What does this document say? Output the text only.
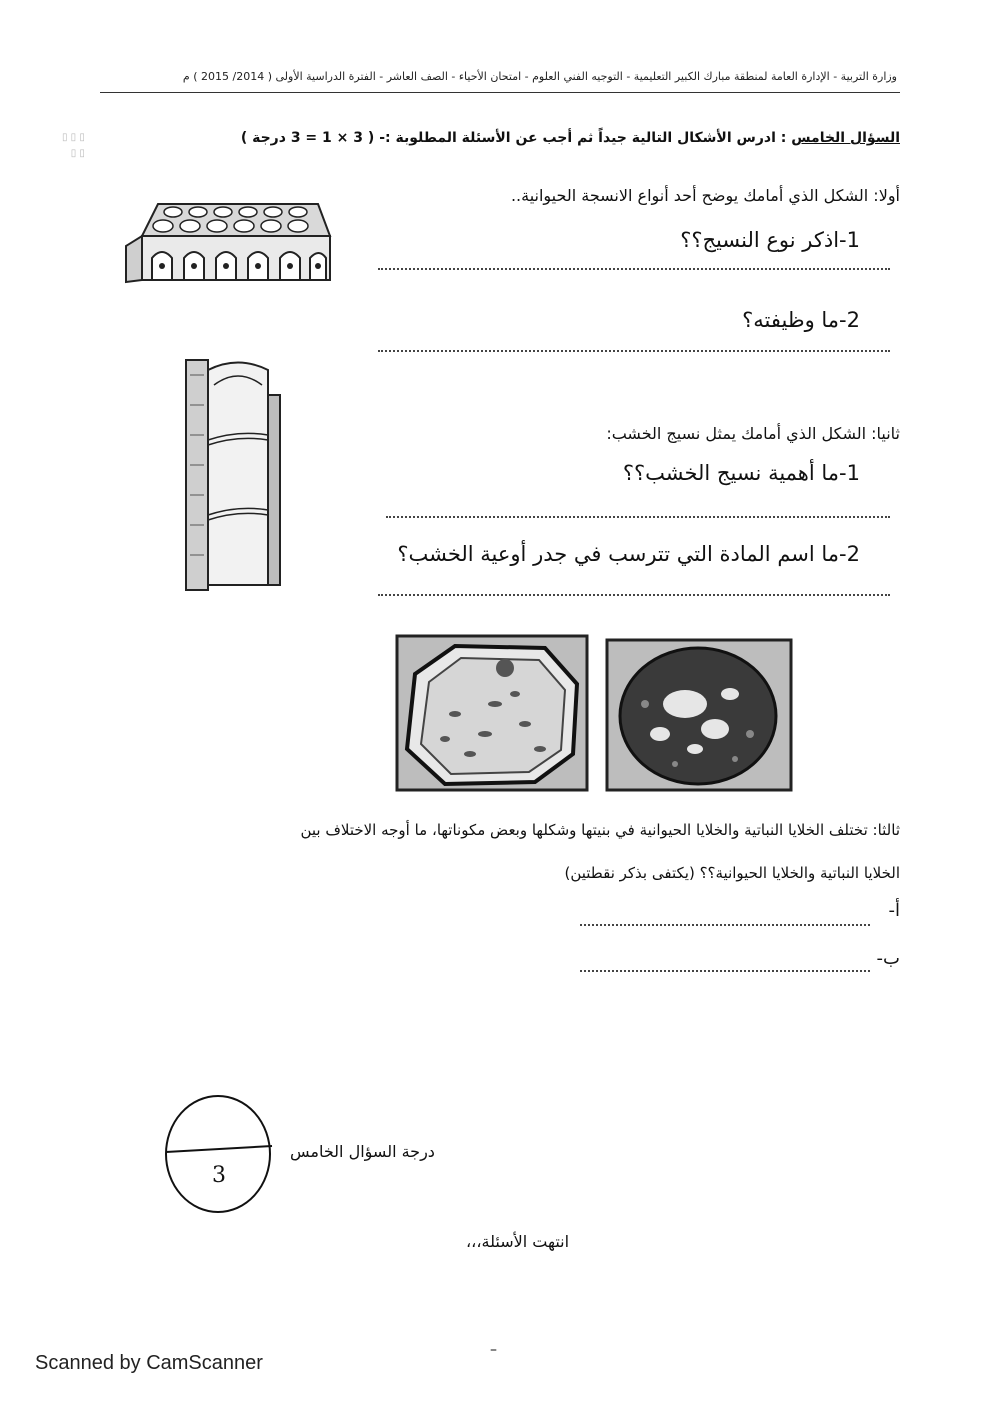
▯ ▯ ▯
▯ ▯
وزارة التربية - الإدارة العامة لمنطقة مبارك الكبير التعليمية - التوجيه الفني العلوم - امتحان الأحياء - الصف العاشر - الفترة الدراسية الأولى ( 2014/ 2015 ) م
السؤال الخامس : ادرس الأشكال التالية جيداً ثم أجب عن الأسئلة المطلوبة :- ( 3 × 1 = 3 درجة )
أولا: الشكل الذي أمامك يوضح أحد أنواع الانسجة الحيوانية..
1-اذكر نوع النسيج؟؟
2-ما وظيفته؟
ثانيا: الشكل الذي أمامك يمثل نسيج الخشب:
1-ما أهمية نسيج الخشب؟؟
2-ما اسم المادة التي تترسب في جدر أوعية الخشب؟
ثالثا: تختلف الخلايا النباتية والخلايا الحيوانية في بنيتها وشكلها وبعض مكوناتها، ما أوجه الاختلاف بين
الخلايا النباتية والخلايا الحيوانية؟؟ (يكتفى بذكر نقطتين)
أ-
ب-
3
درجة السؤال الخامس
انتهت الأسئلة،،،
–
Scanned by CamScanner
